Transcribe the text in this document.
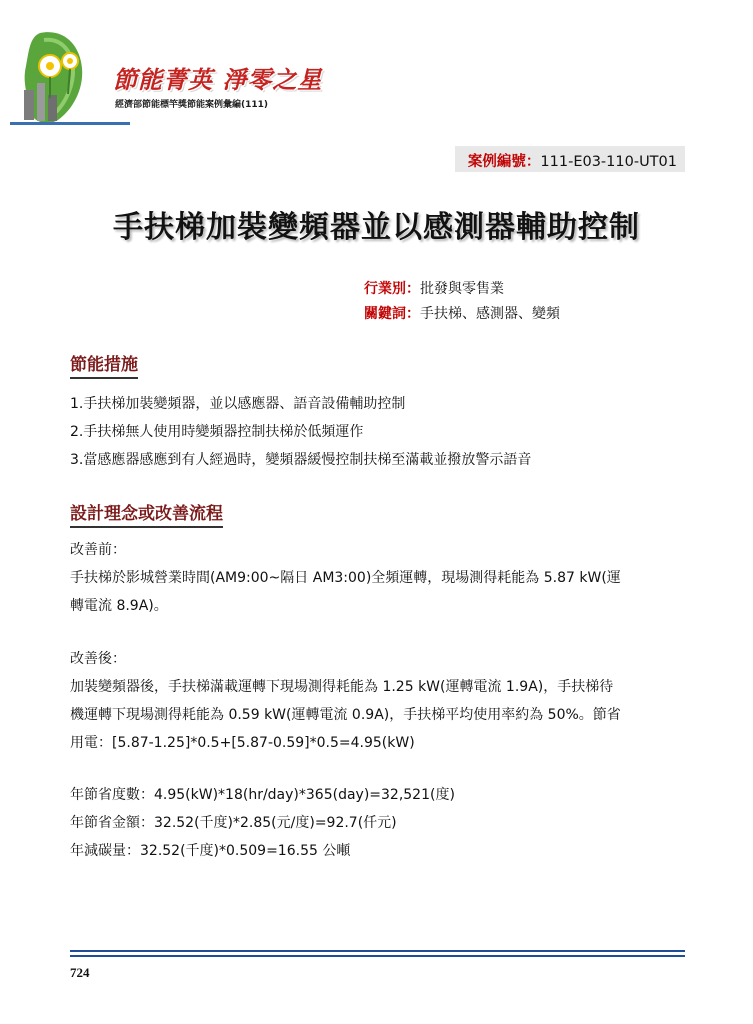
節能菁英 淨零之星
經濟部節能標竿獎節能案例彙編(111)
案例編號：111-E03-110-UT01
手扶梯加裝變頻器並以感測器輔助控制
行業別：批發與零售業
關鍵詞：手扶梯、感測器、變頻
節能措施
1.手扶梯加裝變頻器，並以感應器、語音設備輔助控制
2.手扶梯無人使用時變頻器控制扶梯於低頻運作
3.當感應器感應到有人經過時，變頻器緩慢控制扶梯至滿載並撥放警示語音
設計理念或改善流程
改善前：
手扶梯於影城營業時間(AM9:00~隔日 AM3:00)全頻運轉，現場測得耗能為 5.87 kW(運
轉電流 8.9A)。
改善後：
加裝變頻器後，手扶梯滿載運轉下現場測得耗能為 1.25 kW(運轉電流 1.9A)，手扶梯待
機運轉下現場測得耗能為 0.59 kW(運轉電流 0.9A)，手扶梯平均使用率約為 50%。節省
用電：[5.87-1.25]*0.5+[5.87-0.59]*0.5=4.95(kW)
年節省度數：4.95(kW)*18(hr/day)*365(day)=32,521(度)
年節省金額：32.52(千度)*2.85(元/度)=92.7(仟元)
年減碳量：32.52(千度)*0.509=16.55 公噸
724
